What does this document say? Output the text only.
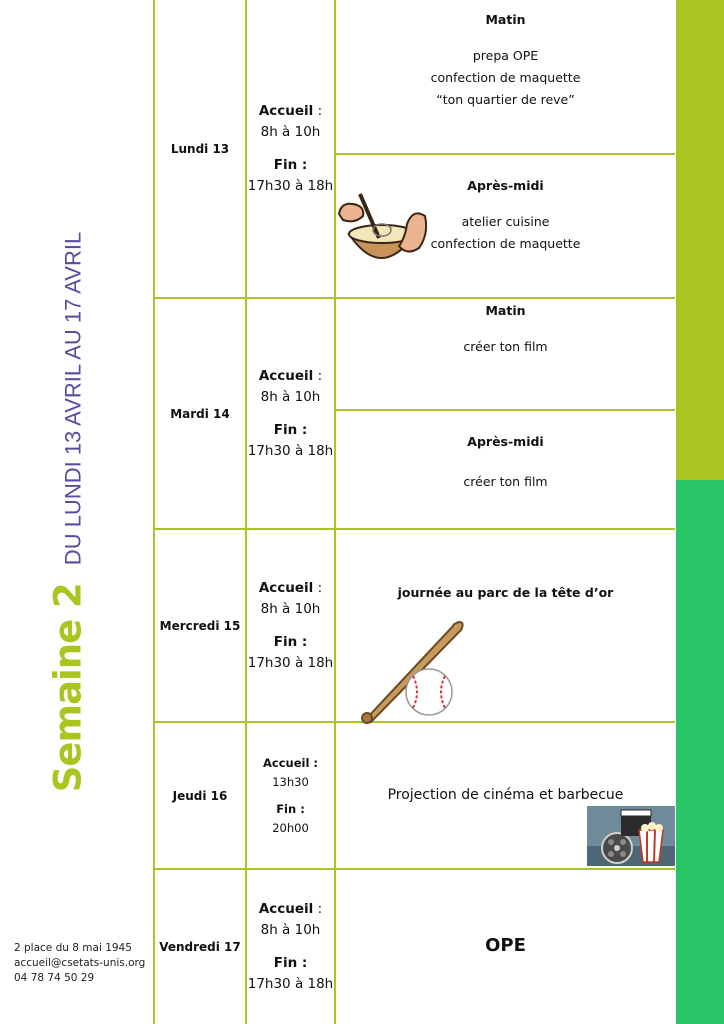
Semaine 2
DU LUNDI 13 AVRIL AU 17 AVRIL
2 place du 8 mai 1945
accueil@csetats-unis.org
04 78 74 50 29
Lundi 13
Accueil :
8h à 10h
Fin :
17h30 à 18h
Matin
prepa OPE
confection de maquette
“ton quartier de reve”
Après-midi
atelier cuisine
confection de maquette
Mardi 14
Accueil :
8h à 10h
Fin :
17h30 à 18h
Matin
créer ton film
Après-midi
créer ton film
Mercredi 15
Accueil :
8h à 10h
Fin :
17h30 à 18h
journée au parc de la tête d’or
Jeudi 16
Accueil :
13h30
Fin :
20h00
Projection de cinéma et barbecue
Vendredi 17
Accueil :
8h à 10h
Fin :
17h30 à 18h
OPE
